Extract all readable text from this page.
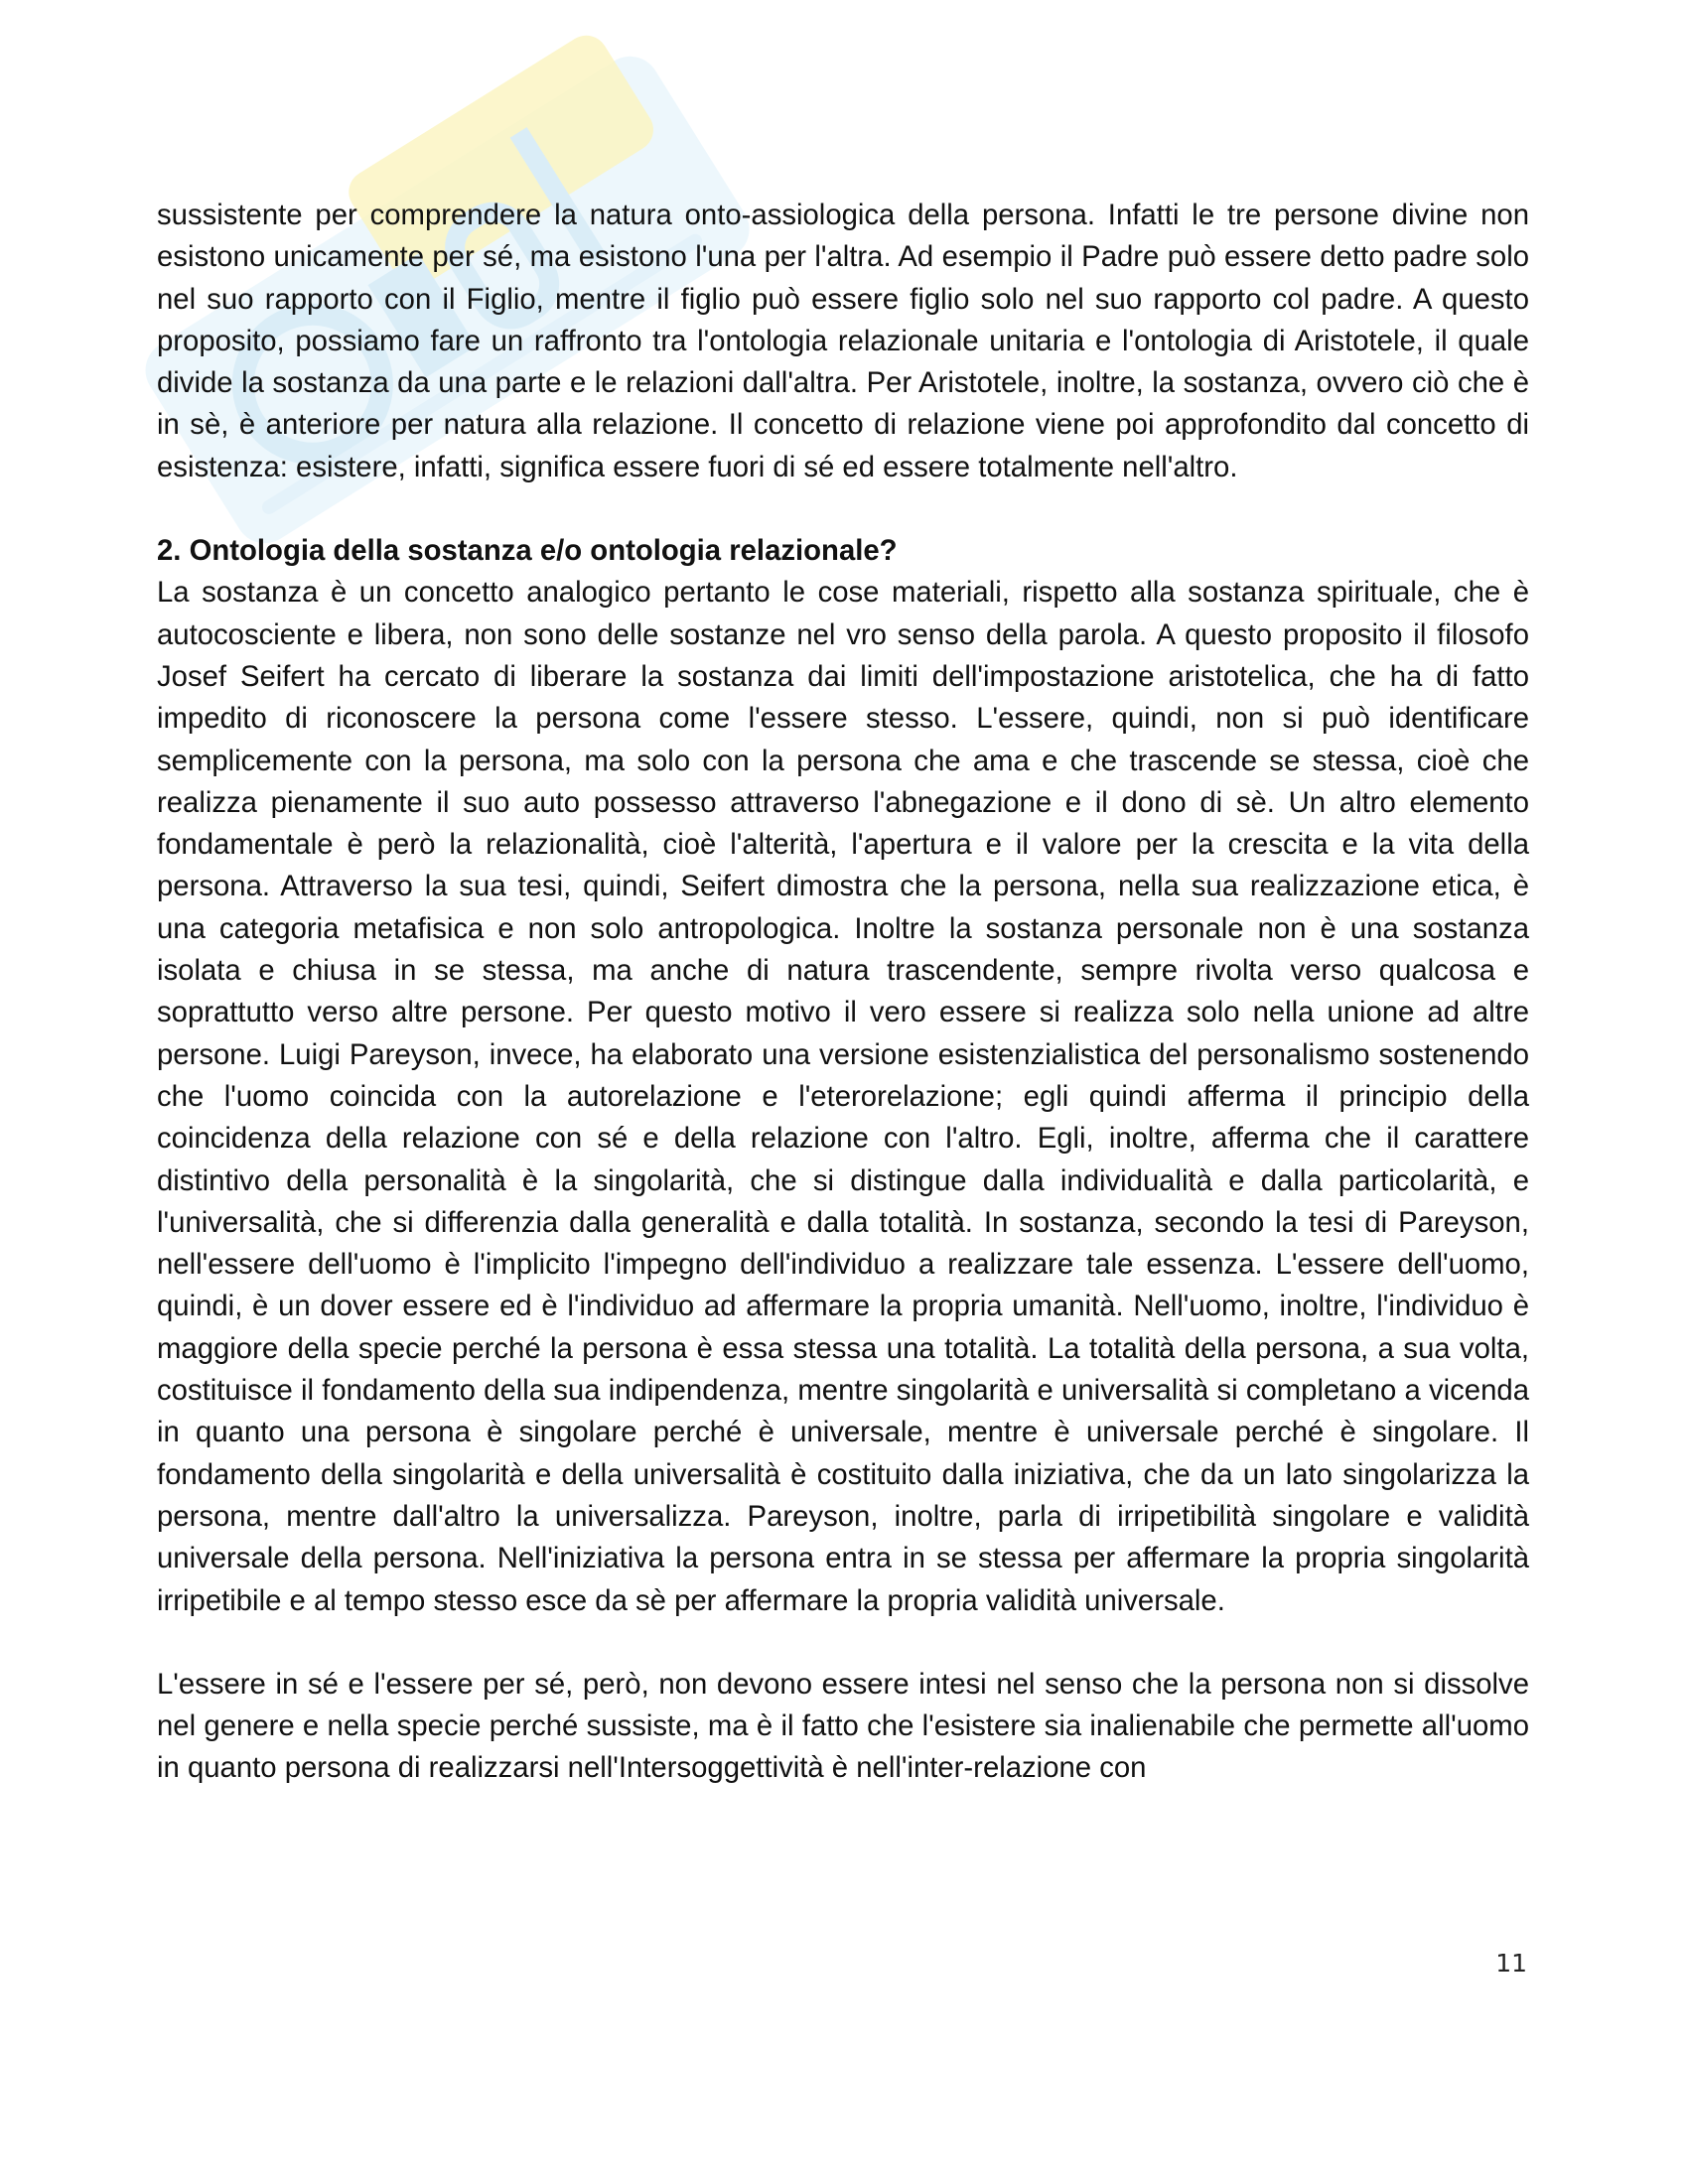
sussistente per comprendere la natura onto-assiologica della persona. Infatti le tre persone divine non esistono unicamente per sé, ma esistono l'una per l'altra. Ad esempio il Padre può essere detto padre solo nel suo rapporto con il Figlio, mentre il figlio può essere figlio solo nel suo rapporto col padre. A questo proposito, possiamo fare un raffronto tra l'ontologia relazionale unitaria e l'ontologia di Aristotele, il quale divide la sostanza da una parte e le relazioni dall'altra. Per Aristotele, inoltre, la sostanza, ovvero ciò che è in sè, è anteriore per natura alla relazione. Il concetto di relazione viene poi approfondito dal concetto di esistenza: esistere, infatti, significa essere fuori di sé ed essere totalmente nell'altro.

2. Ontologia della sostanza e/o ontologia relazionale?

La sostanza è un concetto analogico pertanto le cose materiali, rispetto alla sostanza spirituale, che è autocosciente e libera, non sono delle sostanze nel vro senso della parola. A questo proposito il filosofo Josef Seifert ha cercato di liberare la sostanza dai limiti dell'impostazione aristotelica, che ha di fatto impedito di riconoscere la persona come l'essere stesso. L'essere, quindi, non si può identificare semplicemente con la persona, ma solo con la persona che ama e che trascende se stessa, cioè che realizza pienamente il suo auto possesso attraverso l'abnegazione e il dono di sè. Un altro elemento fondamentale è però la relazionalità, cioè l'alterità, l'apertura e il valore per la crescita e la vita della persona. Attraverso la sua tesi, quindi, Seifert dimostra che la persona, nella sua realizzazione etica, è una categoria metafisica e non solo antropologica. Inoltre la sostanza personale non è una sostanza isolata e chiusa in se stessa, ma anche di natura trascendente, sempre rivolta verso qualcosa e soprattutto verso altre persone. Per questo motivo il vero essere si realizza solo nella unione ad altre persone. Luigi Pareyson, invece, ha elaborato una versione esistenzialistica del personalismo sostenendo che l'uomo coincida con la autorelazione e l'eterorelazione; egli quindi afferma il principio della coincidenza della relazione con sé e della relazione con l'altro. Egli, inoltre, afferma che il carattere distintivo della personalità è la singolarità, che si distingue dalla individualità e dalla particolarità, e l'universalità, che si differenzia dalla generalità e dalla totalità. In sostanza, secondo la tesi di Pareyson, nell'essere dell'uomo è l'implicito l'impegno dell'individuo a realizzare tale essenza. L'essere dell'uomo, quindi, è un dover essere ed è l'individuo ad affermare la propria umanità. Nell'uomo, inoltre, l'individuo è maggiore della specie perché la persona è essa stessa una totalità. La totalità della persona, a sua volta, costituisce il fondamento della sua indipendenza, mentre singolarità e universalità si completano a vicenda in quanto una persona è singolare perché è universale, mentre è universale perché è singolare. Il fondamento della singolarità e della universalità è costituito dalla iniziativa, che da un lato singolarizza la persona, mentre dall'altro la universalizza. Pareyson, inoltre, parla di irripetibilità singolare e validità universale della persona. Nell'iniziativa la persona entra in se stessa per affermare la propria singolarità irripetibile e al tempo stesso esce da sè per affermare la propria validità universale.

L'essere in sé e l'essere per sé, però, non devono essere intesi nel senso che la persona non si dissolve nel genere e nella specie perché sussiste, ma è il fatto che l'esistere sia inalienabile che permette all'uomo in quanto persona di realizzarsi nell'Intersoggettività è nell'inter-relazione con

11
